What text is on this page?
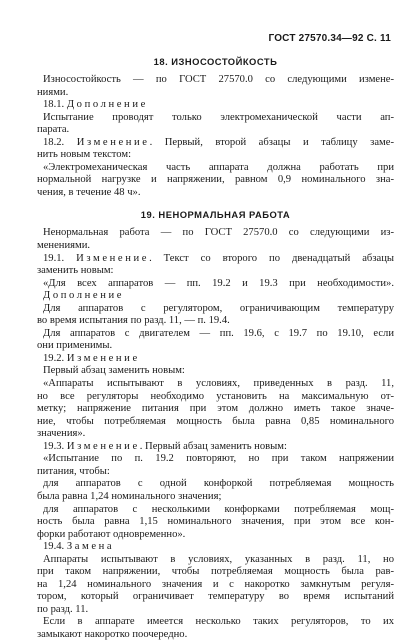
ГОСТ 27570.34—92 С. 11
18. ИЗНОСОСТОЙКОСТЬ
Износостойкость — по ГОСТ 27570.0 со следующими измене-
ниями.
18.1. Дополнение
Испытание проводят только электромеханической части ап-
парата.
18.2. Изменение. Первый, второй абзацы и таблицу заме-
нить новым текстом:
«Электромеханическая часть аппарата должна работать при
нормальной нагрузке и напряжении, равном 0,9 номинального зна-
чения, в течение 48 ч».
19. НЕНОРМАЛЬНАЯ РАБОТА
Ненормальная работа — по ГОСТ 27570.0 со следующими из-
менениями.
19.1. Изменение. Текст со второго по двенадцатый абзацы
заменить новым:
«Для всех аппаратов — пп. 19.2 и 19.3 при необходимости».
Дополнение
Для аппаратов с регулятором, ограничивающим температуру
во время испытания по разд. 11, — п. 19.4.
Для аппаратов с двигателем — пп. 19.6, с 19.7 по 19.10, если
они применимы.
19.2. Изменение
Первый абзац заменить новым:
«Аппараты испытывают в условиях, приведенных в разд. 11,
но все регуляторы необходимо установить на максимальную от-
метку; напряжение питания при этом должно иметь такое значе-
ние, чтобы потребляемая мощность была равна 0,85 номинального
значения».
19.3. Изменение. Первый абзац заменить новым:
«Испытание по п. 19.2 повторяют, но при таком напряжении
питания, чтобы:
для аппаратов с одной конфоркой потребляемая мощность
была равна 1,24 номинального значения;
для аппаратов с несколькими конфорками потребляемая мощ-
ность была равна 1,15 номинального значения, при этом все кон-
форки работают одновременно».
19.4. Замена
Аппараты испытывают в условиях, указанных в разд. 11, но
при таком напряжении, чтобы потребляемая мощность была рав-
на 1,24 номинального значения и с накоротко замкнутым регуля-
тором, который ограничивает температуру во время испытаний
по разд. 11.
Если в аппарате имеется несколько таких регуляторов, то их
замыкают накоротко поочередно.
